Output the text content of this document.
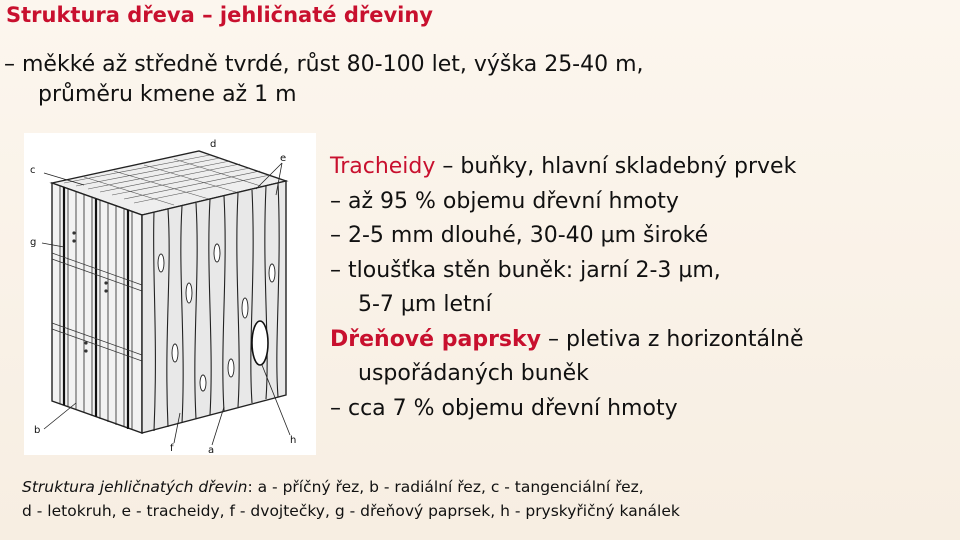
Struktura dřeva – jehličnaté dřeviny
– měkké až středně tvrdé, růst 80-100 let, výška 25-40 m,
průměru kmene až 1 m
c
d
e
g
b
f	a
h
Tracheidy – buňky, hlavní skladebný prvek
– až 95 % objemu dřevní hmoty
– 2-5 mm dlouhé, 30-40 µm široké
– tloušťka stěn buněk: jarní 2-3 µm,
5-7 µm letní
Dřeňové paprsky – pletiva z horizontálně
uspořádaných buněk
– cca 7 % objemu dřevní hmoty
Struktura jehličnatých dřevin: a - příčný řez, b - radiální řez, c - tangenciální řez,
d - letokruh, e - tracheidy, f - dvojtečky, g - dřeňový paprsek, h - pryskyřičný kanálek
